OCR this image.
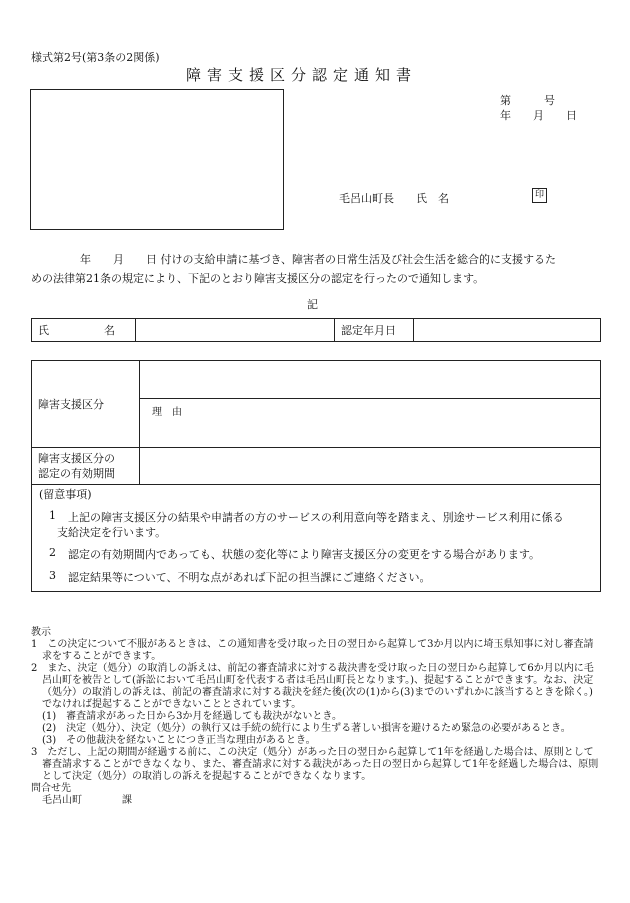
様式第2号(第3条の2関係)
障害支援区分認定通知書
第　　　号
年　　月　　日
毛呂山町長　　氏　名	印
年　　月　　日 付けの支給申請に基づき、障害者の日常生活及び社会生活を総合的に支援するた
めの法律第21条の規定により、下記のとおり障害支援区分の認定を行ったので通知します。
記
氏　　　　　名		認定年月日	
障害支援区分	
	理　由

障害支援区分の
認定の有効期間	

(留意事項)
1 上記の障害支援区分の結果や申請者の方のサービスの利用意向等を踏まえ、別途サービス利用に係る
支給決定を行います。
2 認定の有効期間内であっても、状態の変化等により障害支援区分の変更をする場合があります。
3 認定結果等について、不明な点があれば下記の担当課にご連絡ください。

教示

1　この決定について不服があるときは、この通知書を受け取った日の翌日から起算して3か月以内に埼玉県知事に対し審査請求をすることができます。

2　また、決定（処分）の取消しの訴えは、前記の審査請求に対する裁決書を受け取った日の翌日から起算して6か月以内に毛呂山町を被告として(訴訟において毛呂山町を代表する者は毛呂山町長となります。)、提起することができます。なお、決定（処分）の取消しの訴えは、前記の審査請求に対する裁決を経た後(次の(1)から(3)までのいずれかに該当するときを除く。)でなければ提起することができないこととされています。

(1)　審査請求があった日から3か月を経過しても裁決がないとき。

(2)　決定（処分）、決定（処分）の執行又は手続の続行により生ずる著しい損害を避けるため緊急の必要があるとき。

(3)　その他裁決を経ないことにつき正当な理由があるとき。

3　ただし、上記の期間が経過する前に、この決定（処分）があった日の翌日から起算して1年を経過した場合は、原則として審査請求することができなくなり、また、審査請求に対する裁決があった日の翌日から起算して1年を経過した場合は、原則として決定（処分）の取消しの訴えを提起することができなくなります。

問合せ先

毛呂山町　　　　課
